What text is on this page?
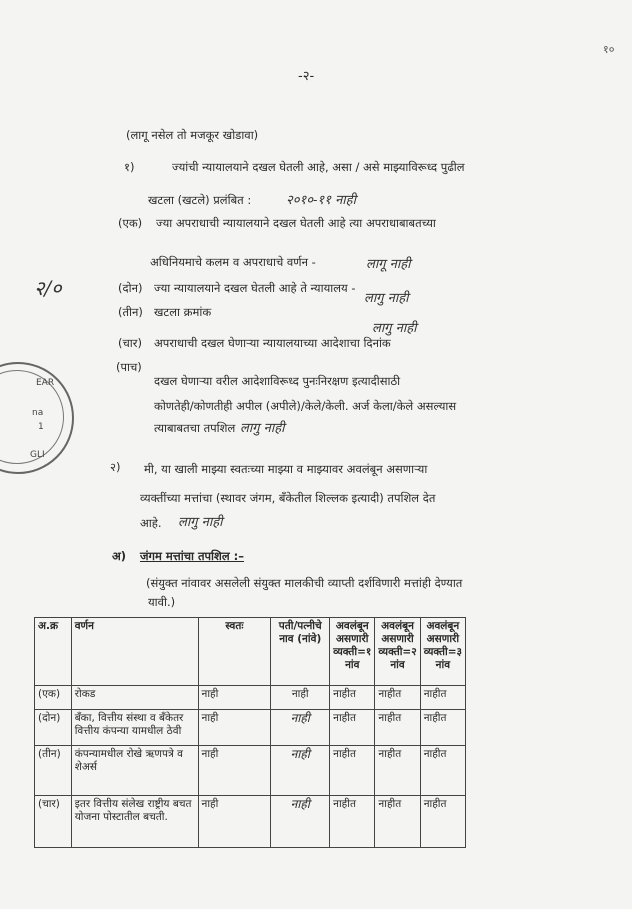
१०
-२-
(लागू नसेल तो मजकूर खोडावा)
१)	ज्यांची न्यायालयाने दखल घेतली आहे, असा / असे माझ्याविरूध्द पुढील
खटला (खटले) प्रलंबित :	२०१०-११ नाही
(एक) ज्या अपराधाची न्यायालयाने दखल घेतली आहे त्या अपराधाबाबतच्या
अधिनियमाचे कलम व अपराधाचे वर्णन -	लागू नाही
२/०	(दोन) ज्या न्यायालयाने दखल घेतली आहे ते न्यायालय -
लागु नाही
(तीन) खटला क्रमांक
लागु नाही
(चार) अपराधाची दखल घेणाऱ्या न्यायालयाच्या आदेशाचा दिनांक
(पाच)
दखल घेणाऱ्या वरील आदेशाविरूध्द पुनःनिरक्षण इत्यादीसाठी
कोणतेही/कोणतीही अपील (अपीले)/केले/केली. अर्ज केला/केले असल्यास
त्याबाबतचा तपशिल लागु नाही
EAR
na
1
GLI
२) मी, या खाली माझ्या स्वतःच्या माझ्या व माझ्यावर अवलंबून असणाऱ्या
व्यक्तींच्या मत्तांचा (स्थावर जंगम, बँकेतील शिल्लक इत्यादी) तपशिल देत
आहे. लागु नाही
अ) जंगम मत्तांचा तपशिल :–
(संयुक्त नांवावर असलेली संयुक्त मालकीची व्याप्ती दर्शविणारी मत्तांही देण्यात
यावी.)
अ.क्र	वर्णन	स्वतः	पती/पत्नीचे नाव (नांवे)	अवलंबून असणारी व्यक्ती=१ नांव	अवलंबून असणारी व्यक्ती=२ नांव	अवलंबून असणारी व्यक्ती=३ नांव
(एक)	रोकड	नाही	नाही	नाहीत	नाहीत	नाहीत
(दोन)	बँका, वित्तीय संस्था व बँकेतर वित्तीय कंपन्या यामधील ठेवी	नाही	नाही	नाहीत	नाहीत	नाहीत
(तीन)	कंपन्यामधील रोखे ऋणपत्रे व शेअर्स	नाही	नाही	नाहीत	नाहीत	नाहीत
(चार)	इतर वित्तीय संलेख राष्ट्रीय बचत योजना पोस्टातील बचती.	नाही	नाही	नाहीत	नाहीत	नाहीत
